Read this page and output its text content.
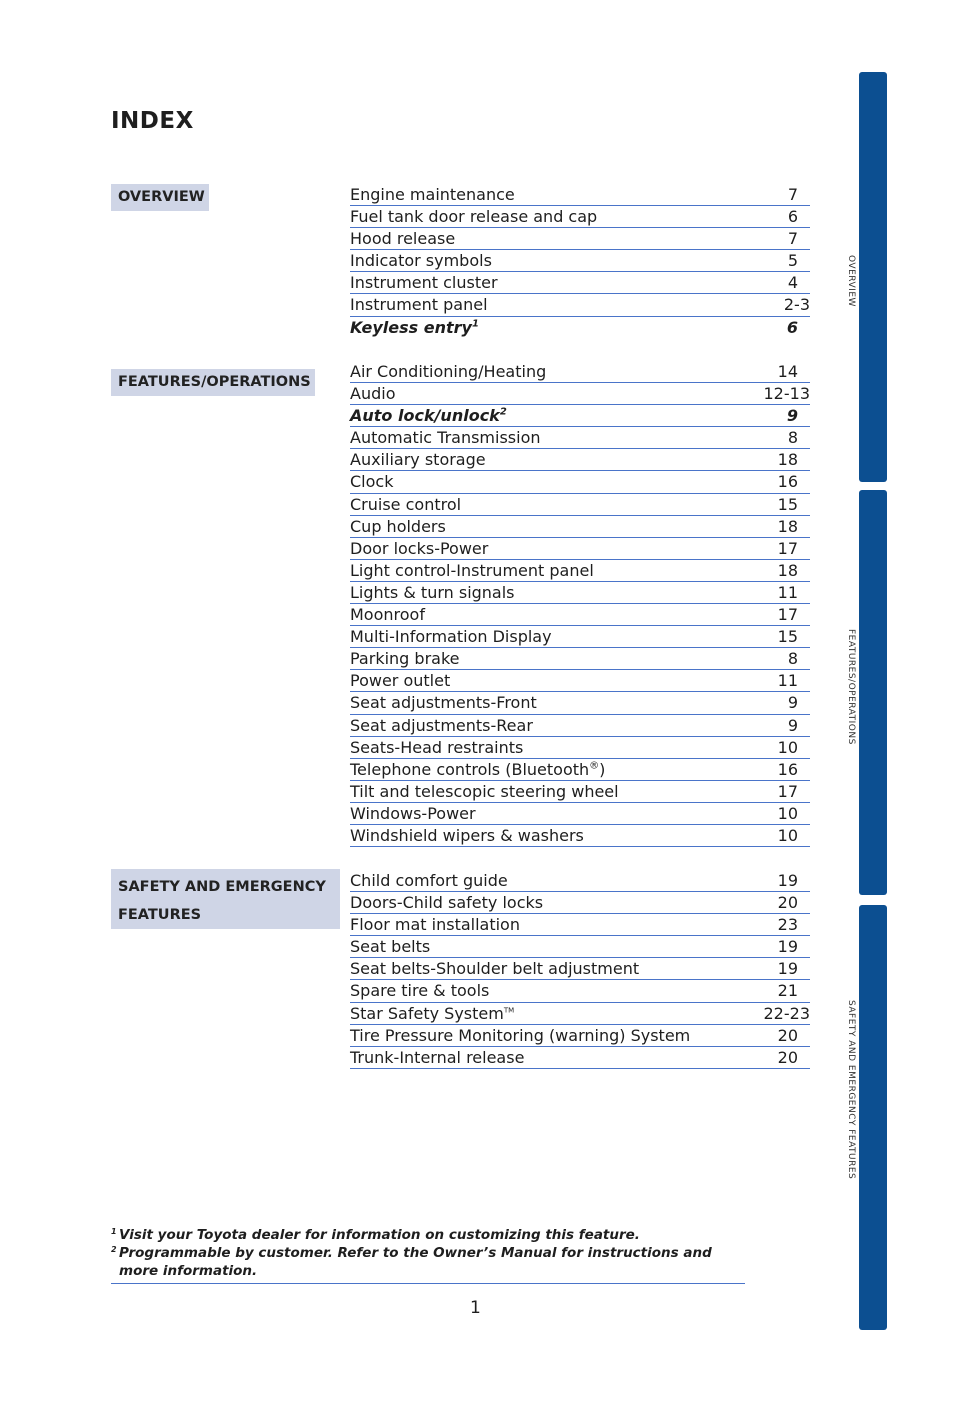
INDEX
OVERVIEW	Engine maintenance	7
Fuel tank door release and cap	6
Hood release	7
Indicator symbols	5
Instrument cluster	4
Instrument panel	2-3
Keyless entry$^1$	6
FEATURES/OPERATIONS
Air Conditioning/Heating	14
Audio	12-13
Auto lock/unlock$^2$	9
Automatic Transmission	8
Auxiliary storage	18
Clock	16
Cruise control	15
Cup holders	18
Door locks-Power	17
Light control-Instrument panel	18
Lights & turn signals	11
Moonroof	17
Multi-Information Display	15
Parking brake	8
Power outlet	11
Seat adjustments-Front	9
Seat adjustments-Rear	9
Seats-Head restraints	10
Telephone controls (Bluetooth®)	16
Tilt and telescopic steering wheel	17
Windows-Power	10
Windshield wipers & washers	10
SAFETY AND EMERGENCY
FEATURES
Child comfort guide	19
Doors-Child safety locks	20
Floor mat installation	23
Seat belts	19
Seat belts-Shoulder belt adjustment	19
Spare tire & tools	21
Star Safety System™	22-23
Tire Pressure Monitoring (warning) System	20
Trunk-Internal release	20
1 Visit your Toyota dealer for information on customizing this feature.
2 Programmable by customer. Refer to the Owner’s Manual for instructions and more information.
1
OVERVIEW
FEATURES/OPERATIONS
SAFETY AND EMERGENCY FEATURES
